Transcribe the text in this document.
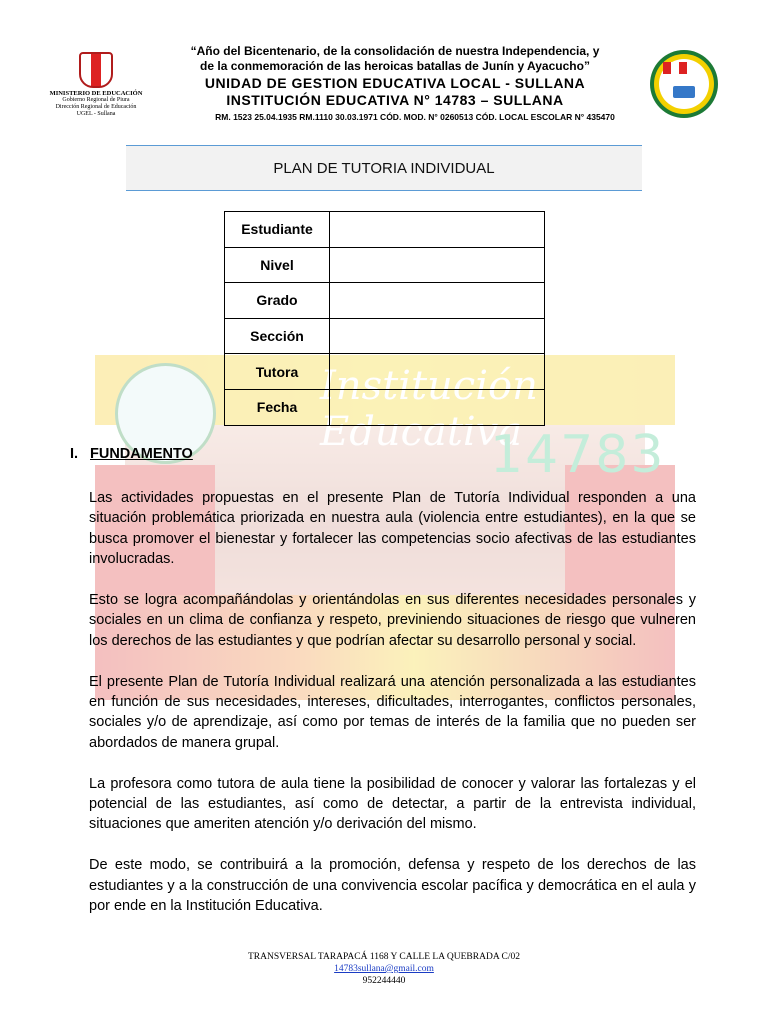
Institución Educativa
14783
MINISTERIO DE EDUCACIÓN
Gobierno Regional de Piura
Dirección Regional de Educación
UGEL - Sullana
“Año del Bicentenario, de la consolidación de nuestra Independencia, y
de la conmemoración de las heroicas batallas de Junín y Ayacucho”
UNIDAD DE GESTION EDUCATIVA LOCAL - SULLANA
INSTITUCIÓN EDUCATIVA N° 14783 – SULLANA
RM. 1523 25.04.1935 RM.1110 30.03.1971 CÓD. MOD. N° 0260513 CÓD. LOCAL ESCOLAR N° 435470
PLAN DE TUTORIA INDIVIDUAL
Estudiante	
Nivel	
Grado	
Sección	
Tutora	
Fecha	
I. FUNDAMENTO

Las actividades propuestas en el presente Plan de Tutoría Individual responden a una situación problemática priorizada en nuestra aula (violencia entre estudiantes), en la que se busca promover el bienestar y fortalecer las competencias socio afectivas de las estudiantes involucradas.

Esto se logra acompañándolas y orientándolas en sus diferentes necesidades personales y sociales en un clima de confianza y respeto, previniendo situaciones de riesgo que vulneren los derechos de las estudiantes y que podrían afectar su desarrollo personal y social.

El presente Plan de Tutoría Individual realizará una atención personalizada a las estudiantes en función de sus necesidades, intereses, dificultades, interrogantes, conflictos personales, sociales y/o de aprendizaje, así como por temas de interés de la familia que no pueden ser abordados de manera grupal.

La profesora como tutora de aula tiene la posibilidad de conocer y valorar las fortalezas y el potencial de las estudiantes, así como de detectar, a partir de la entrevista individual, situaciones que ameriten atención y/o derivación del mismo.

De este modo, se contribuirá a la promoción, defensa y respeto de los derechos de las estudiantes y a la construcción de una convivencia escolar pacífica y democrática en el aula y por ende en la Institución Educativa.

TRANSVERSAL TARAPACÁ 1168 Y CALLE LA QUEBRADA C/02
14783sullana@gmail.com
952244440
